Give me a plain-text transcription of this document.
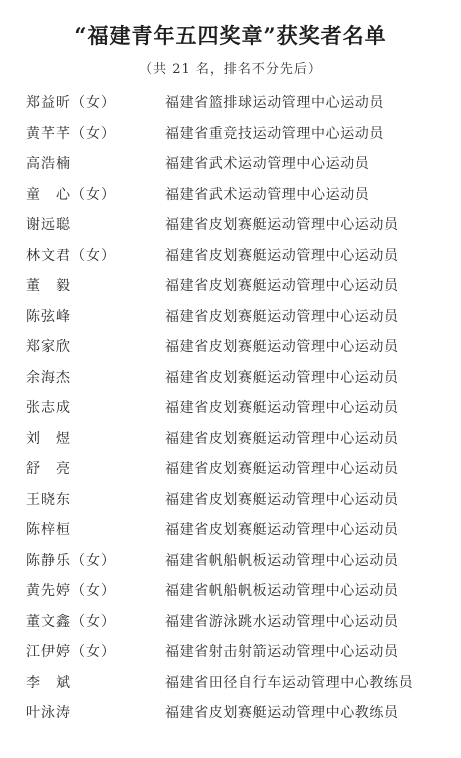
“福建青年五四奖章”获奖者名单
（共 21 名，排名不分先后）
郑益昕（女）	福建省篮排球运动管理中心运动员
黄芊芊（女）	福建省重竞技运动管理中心运动员
高浩楠	福建省武术运动管理中心运动员
童　心（女）	福建省武术运动管理中心运动员
谢远聪	福建省皮划赛艇运动管理中心运动员
林文君（女）	福建省皮划赛艇运动管理中心运动员
董　毅	福建省皮划赛艇运动管理中心运动员
陈弦峰	福建省皮划赛艇运动管理中心运动员
郑家欣	福建省皮划赛艇运动管理中心运动员
余海杰	福建省皮划赛艇运动管理中心运动员
张志成	福建省皮划赛艇运动管理中心运动员
刘　煜	福建省皮划赛艇运动管理中心运动员
舒　亮	福建省皮划赛艇运动管理中心运动员
王晓东	福建省皮划赛艇运动管理中心运动员
陈梓桓	福建省皮划赛艇运动管理中心运动员
陈静乐（女）	福建省帆船帆板运动管理中心运动员
黄先婷（女）	福建省帆船帆板运动管理中心运动员
董文鑫（女）	福建省游泳跳水运动管理中心运动员
江伊婷（女）	福建省射击射箭运动管理中心运动员
李　斌	福建省田径自行车运动管理中心教练员
叶泳涛	福建省皮划赛艇运动管理中心教练员
